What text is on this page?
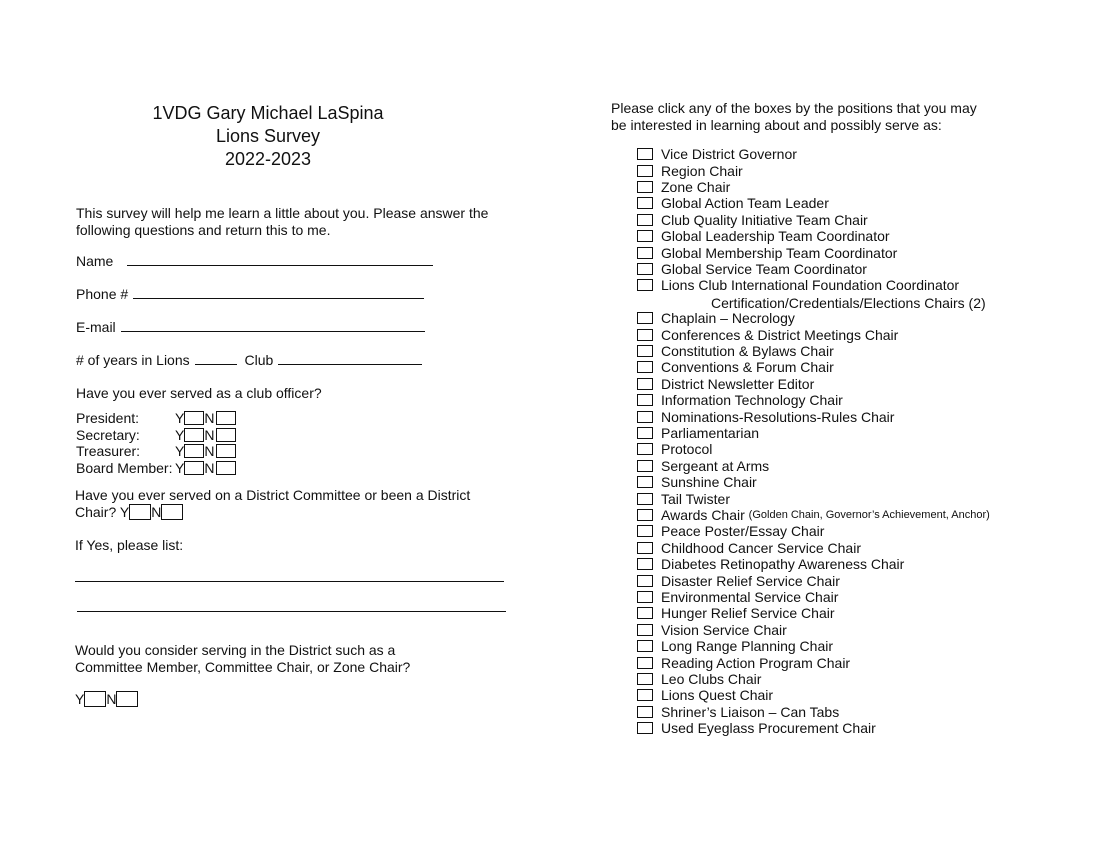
1VDG Gary Michael LaSpina
Lions Survey
2022-2023
This survey will help me learn a little about you. Please answer the
following questions and return this to me.
Name
Phone #
E-mail
# of years in Lions	Club
Have you ever served as a club officer?
President:	Y N
Secretary:	Y N
Treasurer: Y N
Board Member: Y N
Have you ever served on a District Committee or been a District
Chair? Y N
If Yes, please list:
Would you consider serving in the District such as a
Committee Member, Committee Chair, or Zone Chair?
Y N
Please click any of the boxes by the positions that you may
be interested in learning about and possibly serve as:
Vice District Governor
Region Chair
Zone Chair
Global Action Team Leader
Club Quality Initiative Team Chair
Global Leadership Team Coordinator
Global Membership Team Coordinator
Global Service Team Coordinator
Lions Club International Foundation Coordinator
Certification/Credentials/Elections Chairs (2)
Chaplain – Necrology
Conferences & District Meetings Chair
Constitution & Bylaws Chair
Conventions & Forum Chair
District Newsletter Editor
Information Technology Chair
Nominations-Resolutions-Rules Chair
Parliamentarian
Protocol
Sergeant at Arms
Sunshine Chair
Tail Twister
Awards Chair
(Golden Chain, Governor’s Achievement, Anchor)
Peace Poster/Essay Chair
Childhood Cancer Service Chair
Diabetes Retinopathy Awareness Chair
Disaster Relief Service Chair
Environmental Service Chair
Hunger Relief Service Chair
Vision Service Chair
Long Range Planning Chair
Reading Action Program Chair
Leo Clubs Chair
Lions Quest Chair
Shriner’s Liaison – Can Tabs
Used Eyeglass Procurement Chair
